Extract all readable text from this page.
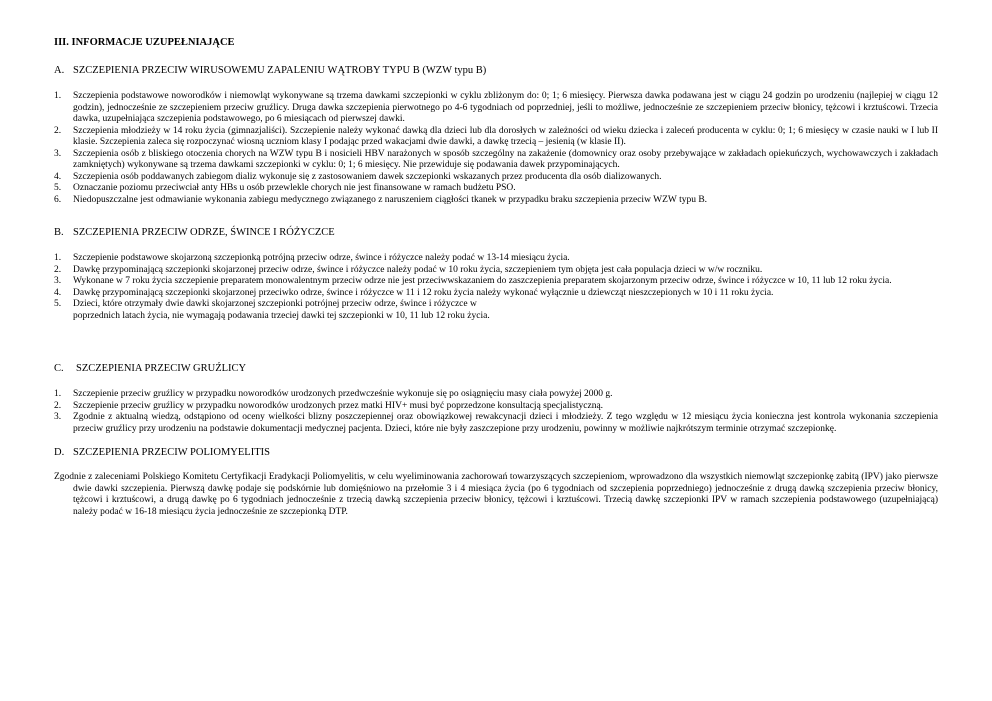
III. INFORMACJE UZUPEŁNIAJĄCE
A. SZCZEPIENIA PRZECIW WIRUSOWEMU ZAPALENIU WĄTROBY TYPU B (WZW typu B)
1. Szczepienia podstawowe noworodków i niemowląt wykonywane są trzema dawkami szczepionki w cyklu zbliżonym do: 0; 1; 6 miesięcy. Pierwsza dawka podawana jest w ciągu 24 godzin po urodzeniu (najlepiej w ciągu 12 godzin), jednocześnie ze szczepieniem przeciw gruźlicy. Druga dawka szczepienia pierwotnego po 4-6 tygodniach od poprzedniej, jeśli to możliwe, jednocześnie ze szczepieniem przeciw błonicy, tężcowi i krztuścowi. Trzecia dawka, uzupełniająca szczepienia podstawowego, po 6 miesiącach od pierwszej dawki.
2. Szczepienia młodzieży w 14 roku życia (gimnazjaliści). Szczepienie należy wykonać dawką dla dzieci lub dla dorosłych w zależności od wieku dziecka i zaleceń producenta w cyklu: 0; 1; 6 miesięcy w czasie nauki w I lub II klasie. Szczepienia zaleca się rozpoczynać wiosną uczniom klasy I podając przed wakacjami dwie dawki, a dawkę trzecią – jesienią (w klasie II).
3. Szczepienia osób z bliskiego otoczenia chorych na WZW typu B i nosicieli HBV narażonych w sposób szczególny na zakażenie (domownicy oraz osoby przebywające w zakładach opiekuńczych, wychowawczych i zakładach zamkniętych) wykonywane są trzema dawkami szczepionki w cyklu: 0; 1; 6 miesięcy. Nie przewiduje się podawania dawek przypominających.
4. Szczepienia osób poddawanych zabiegom dializ wykonuje się z zastosowaniem dawek szczepionki wskazanych przez producenta dla osób dializowanych.
5. Oznaczanie poziomu przeciwciał anty HBs u osób przewlekle chorych nie jest finansowane w ramach budżetu PSO.
6. Niedopuszczalne jest odmawianie wykonania zabiegu medycznego związanego z naruszeniem ciągłości tkanek w przypadku braku szczepienia przeciw WZW typu B.
B. SZCZEPIENIA PRZECIW ODRZE, ŚWINCE I RÓŻYCZCE
1. Szczepienie podstawowe skojarzoną szczepionką potrójną przeciw odrze, śwince i różyczce należy podać w 13-14 miesiącu życia.
2. Dawkę przypominającą szczepionki skojarzonej przeciw odrze, śwince i różyczce należy podać w 10 roku życia, szczepieniem tym objęta jest cała populacja dzieci w w/w roczniku.
3. Wykonane w 7 roku życia szczepienie preparatem monowalentnym przeciw odrze nie jest przeciwwskazaniem do zaszczepienia preparatem skojarzonym przeciw odrze, śwince i różyczce w 10, 11 lub 12 roku życia.
4. Dawkę przypominającą szczepionki skojarzonej przeciwko odrze, śwince i różyczce w 11 i 12 roku życia należy wykonać wyłącznie u dziewcząt nieszczepionych w 10 i 11 roku życia.
5. Dzieci, które otrzymały dwie dawki skojarzonej szczepionki potrójnej przeciw odrze, śwince i różyczce w
poprzednich latach życia, nie wymagają podawania trzeciej dawki tej szczepionki w 10, 11 lub 12 roku życia.
C. SZCZEPIENIA PRZECIW GRUŹLICY
1. Szczepienie przeciw gruźlicy w przypadku noworodków urodzonych przedwcześnie wykonuje się po osiągnięciu masy ciała powyżej 2000 g.
2. Szczepienie przeciw gruźlicy w przypadku noworodków urodzonych przez matki HIV+ musi być poprzedzone konsultacją specjalistyczną.
3. Zgodnie z aktualną wiedzą, odstąpiono od oceny wielkości blizny poszczepiennej oraz obowiązkowej rewakcynacji dzieci i młodzieży. Z tego względu w 12 miesiącu życia konieczna jest kontrola wykonania szczepienia przeciw gruźlicy przy urodzeniu na podstawie dokumentacji medycznej pacjenta. Dzieci, które nie były zaszczepione przy urodzeniu, powinny w możliwie najkrótszym terminie otrzymać szczepionkę.
D. SZCZEPIENIA PRZECIW POLIOMYELITIS
Zgodnie z zaleceniami Polskiego Komitetu Certyfikacji Eradykacji Poliomyelitis, w celu wyeliminowania zachorowań towarzyszących szczepieniom, wprowadzono dla wszystkich niemowląt szczepionkę zabitą (IPV) jako pierwsze dwie dawki szczepienia. Pierwszą dawkę podaje się podskórnie lub domięśniowo na przełomie 3 i 4 miesiąca życia (po 6 tygodniach od szczepienia poprzedniego) jednocześnie z drugą dawką szczepienia przeciw błonicy, tężcowi i krztuścowi, a drugą dawkę po 6 tygodniach jednocześnie z trzecią dawką szczepienia przeciw błonicy, tężcowi i krztuścowi. Trzecią dawkę szczepionki IPV w ramach szczepienia podstawowego (uzupełniającą) należy podać w 16-18 miesiącu życia jednocześnie ze szczepionką DTP.
